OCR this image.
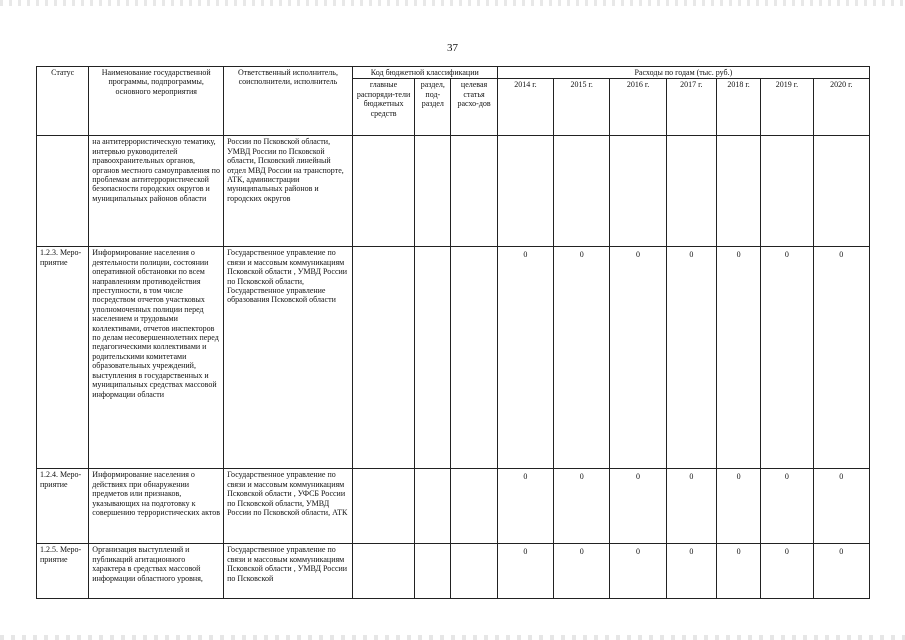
37
Статус	Наименование государственной программы, подпрограммы, основного мероприятия	Ответственный исполнитель, соисполнители, исполнитель	Код бюджетной классификации			Расходы по годам (тыс. руб.)						
			главные распоряди-тели бюджетных средств	раздел, под-раздел	целевая статья расхо-дов	2014 г.	2015 г.	2016 г.	2017 г.	2018 г.	2019 г.	2020 г.
	на антитеррористическую тематику, интервью руководителей правоохранительных органов, органов местного самоуправления по проблемам антитеррористической безопасности городских округов и муниципальных районов области	России по Псковской области, УМВД России по Псковской области, Псковский линейный отдел МВД России на транспорте, АТК, администрации муниципальных районов и городских округов										
1.2.3. Меро-приятие	Информирование населения о деятельности полиции, состоянии оперативной обстановки по всем направлениям противодействия преступности, в том числе посредством отчетов участковых уполномоченных полиции перед населением и трудовыми коллективами, отчетов инспекторов по делам несовершеннолетних перед педагогическими коллективами и родительскими комитетами образовательных учреждений, выступления в государственных и муниципальных средствах массовой информации области	Государственное управление по связи и массовым коммуникациям Псковской области , УМВД России по Псковской области, Государственное управление образования Псковской области				0	0	0	0	0	0	0
1.2.4. Меро-приятие	Информирование населения о действиях при обнаружении предметов или признаков, указывающих на подготовку к совершению террористических актов	Государственное управление по связи и массовым коммуникациям Псковской области , УФСБ России по Псковской области, УМВД России по Псковской области, АТК				0	0	0	0	0	0	0
1.2.5. Меро-приятие	Организация выступлений и публикаций агитационного характера в средствах массовой информации областного уровня,	Государственное управление по связи и массовым коммуникациям Псковской области , УМВД России по Псковской				0	0	0	0	0	0	0
